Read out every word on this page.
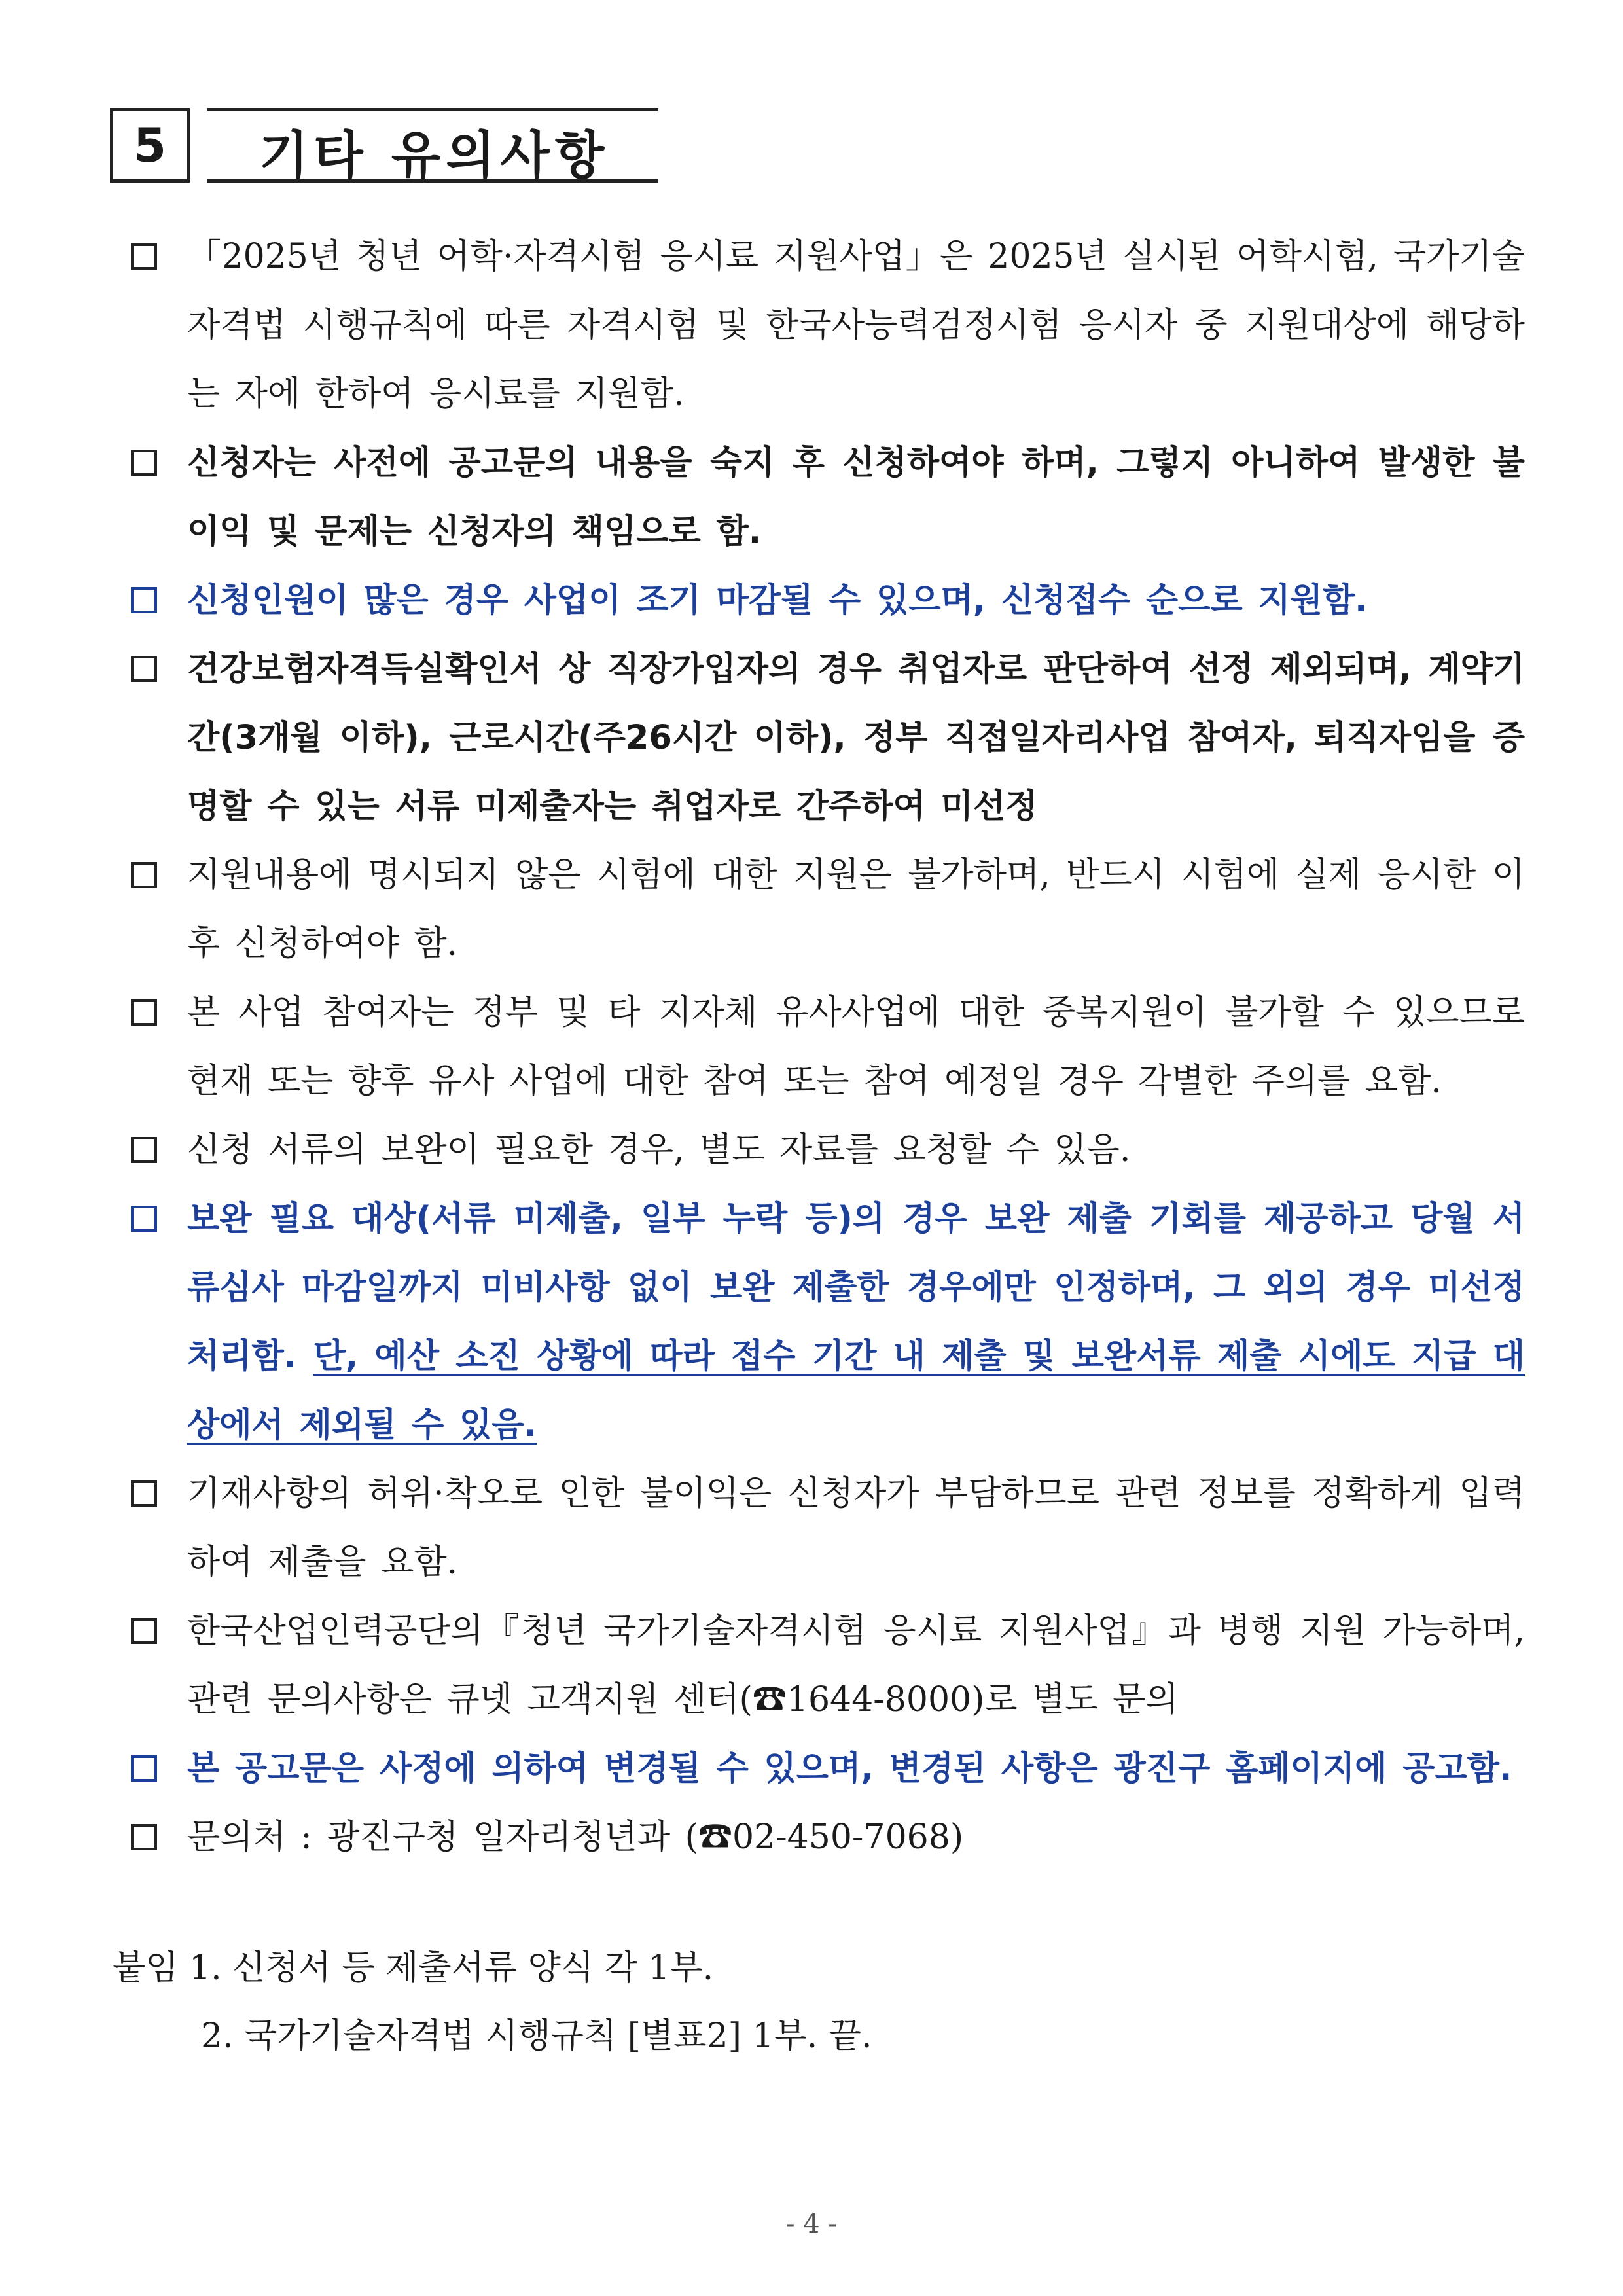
5	기타 유의사항
「2025년 청년 어학·자격시험 응시료 지원사업」은 2025년 실시된 어학시험, 국가기술자격법 시행규칙에 따른 자격시험 및 한국사능력검정시험 응시자 중 지원대상에 해당하는 자에 한하여 응시료를 지원함.
신청자는 사전에 공고문의 내용을 숙지 후 신청하여야 하며, 그렇지 아니하여 발생한 불이익 및 문제는 신청자의 책임으로 함.
신청인원이 많은 경우 사업이 조기 마감될 수 있으며, 신청접수 순으로 지원함.
건강보험자격득실확인서 상 직장가입자의 경우 취업자로 판단하여 선정 제외되며, 계약기간(3개월 이하), 근로시간(주26시간 이하), 정부 직접일자리사업 참여자, 퇴직자임을 증명할 수 있는 서류 미제출자는 취업자로 간주하여 미선정
지원내용에 명시되지 않은 시험에 대한 지원은 불가하며, 반드시 시험에 실제 응시한 이후 신청하여야 함.
본 사업 참여자는 정부 및 타 지자체 유사사업에 대한 중복지원이 불가할 수 있으므로 현재 또는 향후 유사 사업에 대한 참여 또는 참여 예정일 경우 각별한 주의를 요함.
신청 서류의 보완이 필요한 경우, 별도 자료를 요청할 수 있음.
보완 필요 대상(서류 미제출, 일부 누락 등)의 경우 보완 제출 기회를 제공하고 당월 서류심사 마감일까지 미비사항 없이 보완 제출한 경우에만 인정하며, 그 외의 경우 미선정 처리함. 단, 예산 소진 상황에 따라 접수 기간 내 제출 및 보완서류 제출 시에도 지급 대상에서 제외될 수 있음.
기재사항의 허위·착오로 인한 불이익은 신청자가 부담하므로 관련 정보를 정확하게 입력하여 제출을 요함.
한국산업인력공단의『청년 국가기술자격시험 응시료 지원사업』과 병행 지원 가능하며, 관련 문의사항은 큐넷 고객지원 센터(☎1644-8000)로 별도 문의
본 공고문은 사정에 의하여 변경될 수 있으며, 변경된 사항은 광진구 홈페이지에 공고함.
문의처 : 광진구청 일자리청년과 (☎02-450-7068)
붙임 1. 신청서 등 제출서류 양식 각 1부.
2. 국가기술자격법 시행규칙 [별표2] 1부. 끝.
- 4 -
